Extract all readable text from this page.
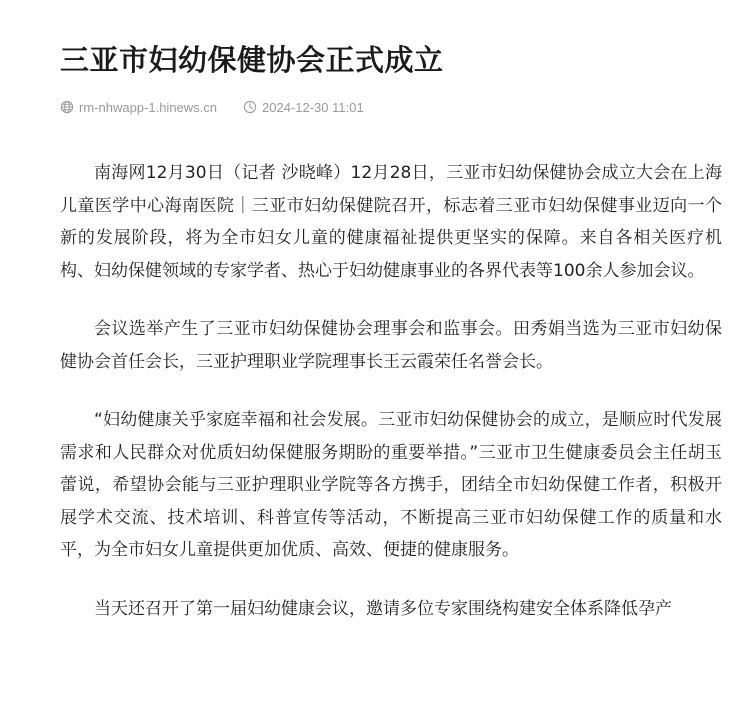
三亚市妇幼保健协会正式成立
rm-nhwapp-1.hinews.cn	2024-12-30 11:01

南海网12月30日（记者 沙晓峰）12月28日，三亚市妇幼保健协会成立大会在上海儿童医学中心海南医院｜三亚市妇幼保健院召开，标志着三亚市妇幼保健事业迈向一个新的发展阶段，将为全市妇女儿童的健康福祉提供更坚实的保障。来自各相关医疗机构、妇幼保健领域的专家学者、热心于妇幼健康事业的各界代表等100余人参加会议。

会议选举产生了三亚市妇幼保健协会理事会和监事会。田秀娟当选为三亚市妇幼保健协会首任会长，三亚护理职业学院理事长王云霞荣任名誉会长。

“妇幼健康关乎家庭幸福和社会发展。三亚市妇幼保健协会的成立，是顺应时代发展需求和人民群众对优质妇幼保健服务期盼的重要举措。”三亚市卫生健康委员会主任胡玉蕾说，希望协会能与三亚护理职业学院等各方携手，团结全市妇幼保健工作者，积极开展学术交流、技术培训、科普宣传等活动，不断提高三亚市妇幼保健工作的质量和水平，为全市妇女儿童提供更加优质、高效、便捷的健康服务。

当天还召开了第一届妇幼健康会议，邀请多位专家围绕构建安全体系降低孕产
